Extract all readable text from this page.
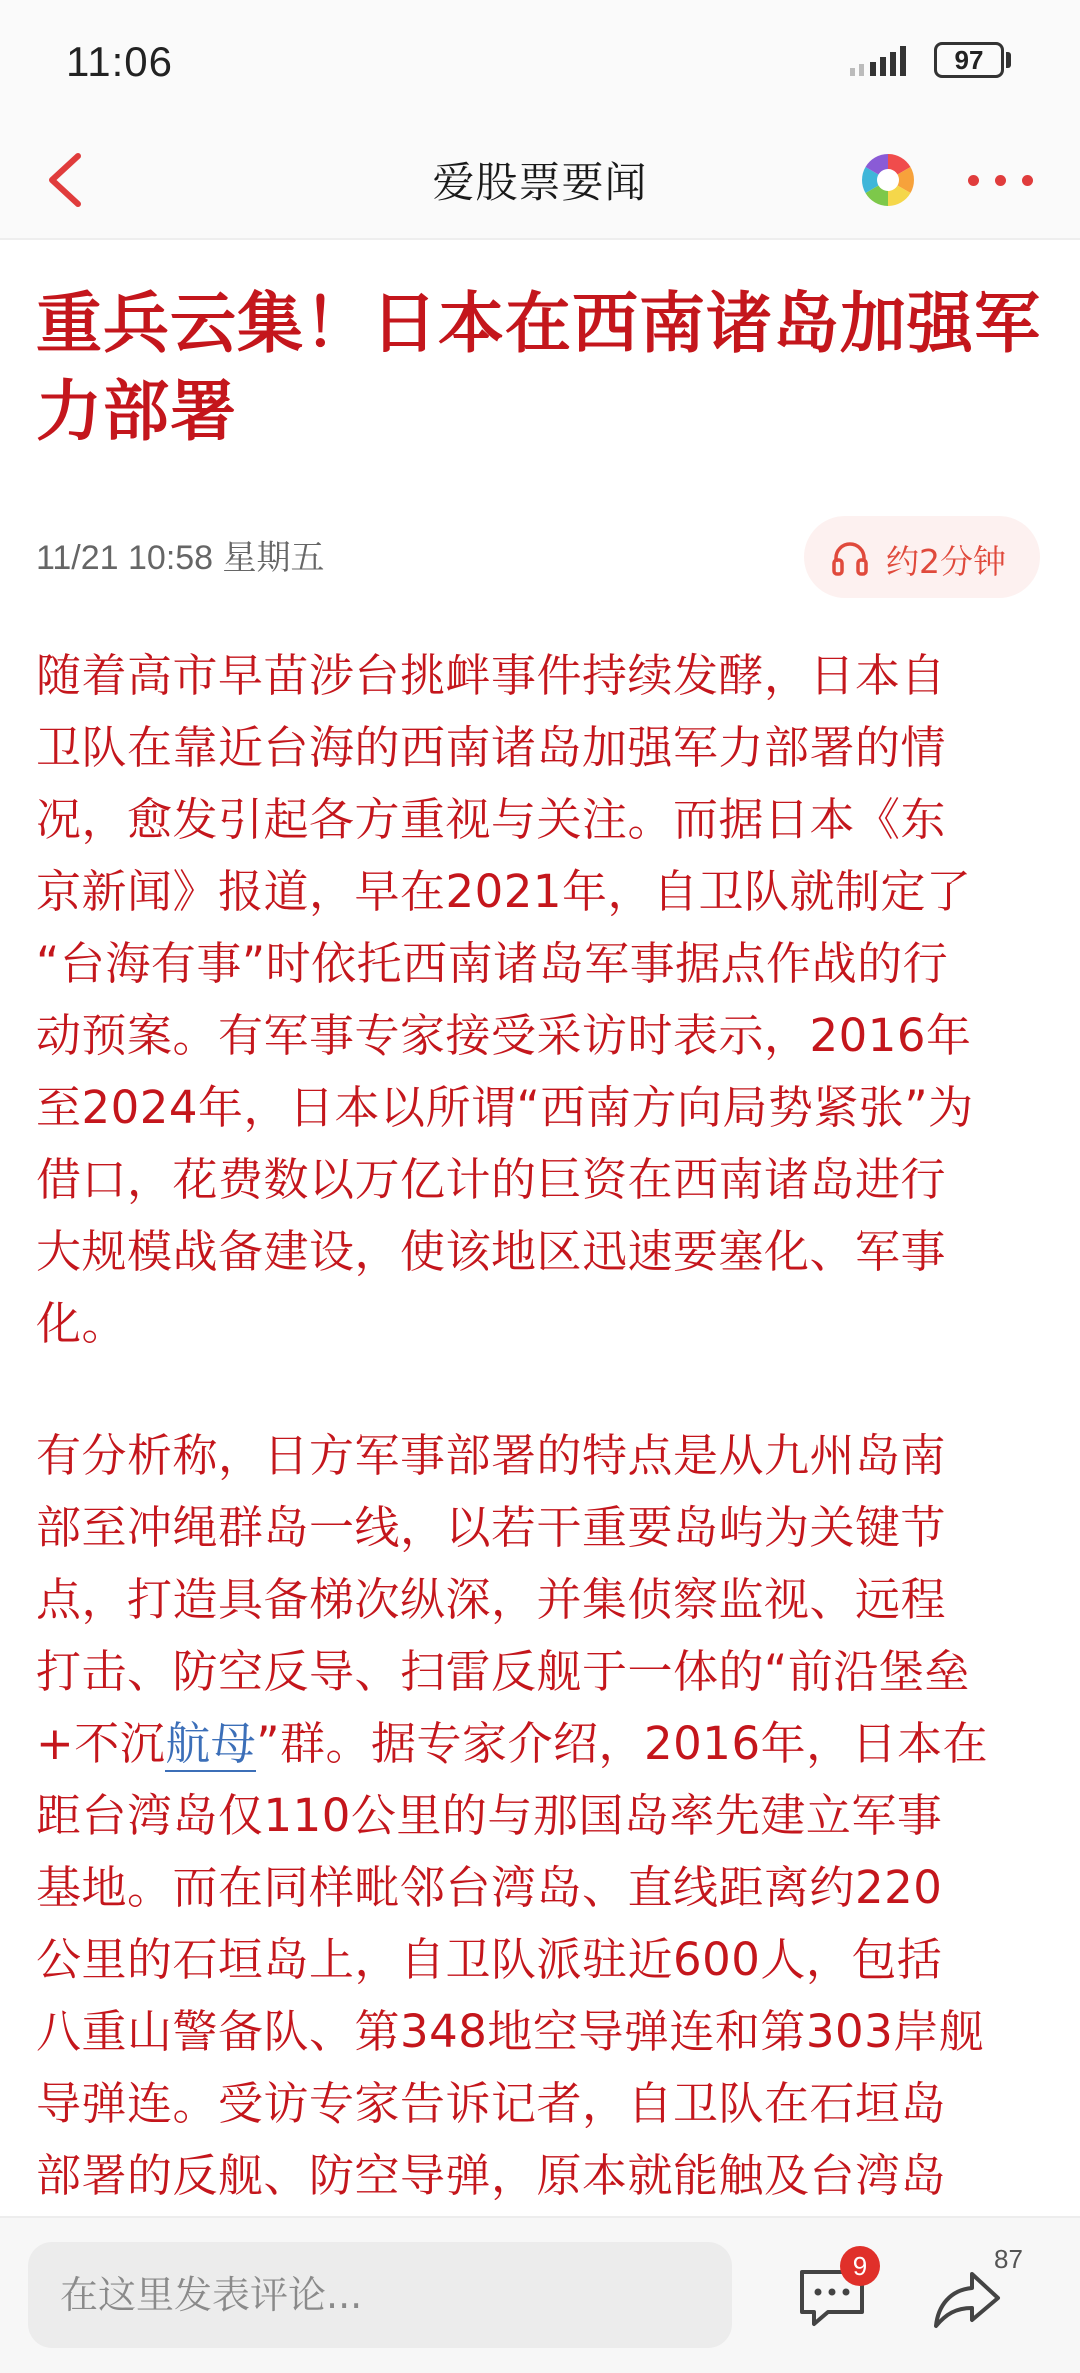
11:06	97
爱股票要闻
重兵云集！日本在西南诸岛加强军
力部署
11/21 10:58 星期五	约2分钟
随着高市早苗涉台挑衅事件持续发酵，日本自
卫队在靠近台海的西南诸岛加强军力部署的情
况，愈发引起各方重视与关注。而据日本《东
京新闻》报道，早在2021年，自卫队就制定了
“台海有事”时依托西南诸岛军事据点作战的行
动预案。有军事专家接受采访时表示，2016年
至2024年，日本以所谓“西南方向局势紧张”为
借口，花费数以万亿计的巨资在西南诸岛进行
大规模战备建设，使该地区迅速要塞化、军事
化。
有分析称，日方军事部署的特点是从九州岛南
部至冲绳群岛一线，以若干重要岛屿为关键节
点，打造具备梯次纵深，并集侦察监视、远程
打击、防空反导、扫雷反舰于一体的“前沿堡垒
+不沉航母”群。据专家介绍，2016年，日本在
距台湾岛仅110公里的与那国岛率先建立军事
基地。而在同样毗邻台湾岛、直线距离约220
公里的石垣岛上，自卫队派驻近600人，包括
八重山警备队、第348地空导弹连和第303岸舰
导弹连。受访专家告诉记者，自卫队在石垣岛
部署的反舰、防空导弹，原本就能触及台湾岛
在这里发表评论...
9	87
